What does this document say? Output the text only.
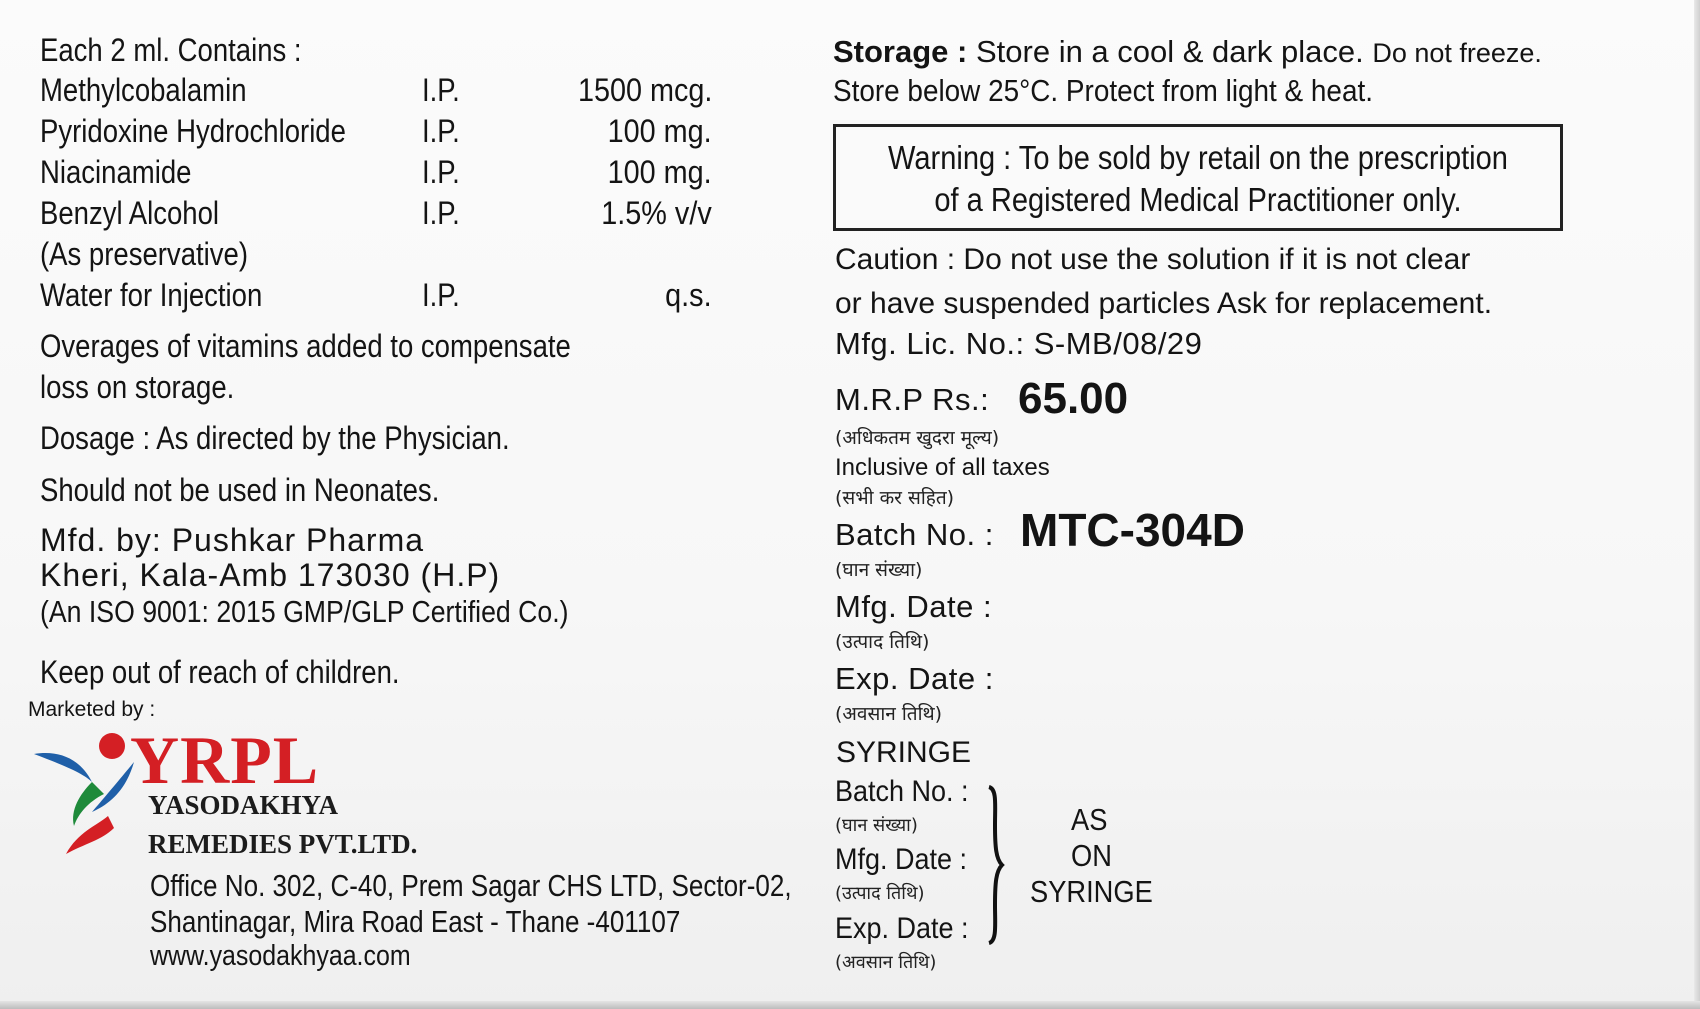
Each 2 ml. Contains :
Methylcobalamin	I.P.	1500 mcg.
Pyridoxine Hydrochloride I.P.	100 mg.
Niacinamide	I.P.	100 mg.
Benzyl Alcohol	I.P.	1.5% v/v
(As preservative)
Water for Injection	I.P.	q.s.
Overages of vitamins added to compensate
loss on storage.
Dosage : As directed by the Physician.
Should not be used in Neonates.
Mfd. by: Pushkar Pharma
Kheri, Kala-Amb 173030 (H.P)
(An ISO 9001: 2015 GMP/GLP Certified Co.)
Keep out of reach of children.
Marketed by :
YRPL
YASODAKHYA
REMEDIES PVT.LTD.
Office No. 302, C-40, Prem Sagar CHS LTD, Sector-02,
Shantinagar, Mira Road East - Thane -401107
www.yasodakhyaa.com
Storage : Store in a cool & dark place. Do not freeze.
Store below 25°C. Protect from light & heat.
Warning : To be sold by retail on the prescription
of a Registered Medical Practitioner only.
Caution : Do not use the solution if it is not clear
or have suspended particles Ask for replacement.
Mfg. Lic. No.: S-MB/08/29
M.R.P Rs.: 65.00
(अधिकतम खुदरा मूल्य)
Inclusive of all taxes
(सभी कर सहित)
Batch No. : MTC-304D
(घान संख्या)
Mfg. Date :
(उत्पाद तिथि)
Exp. Date :
(अवसान तिथि)
SYRINGE
Batch No. :
(घान संख्या)
Mfg. Date :
(उत्पाद तिथि)
Exp. Date :
(अवसान तिथि)
AS
ON
SYRINGE
